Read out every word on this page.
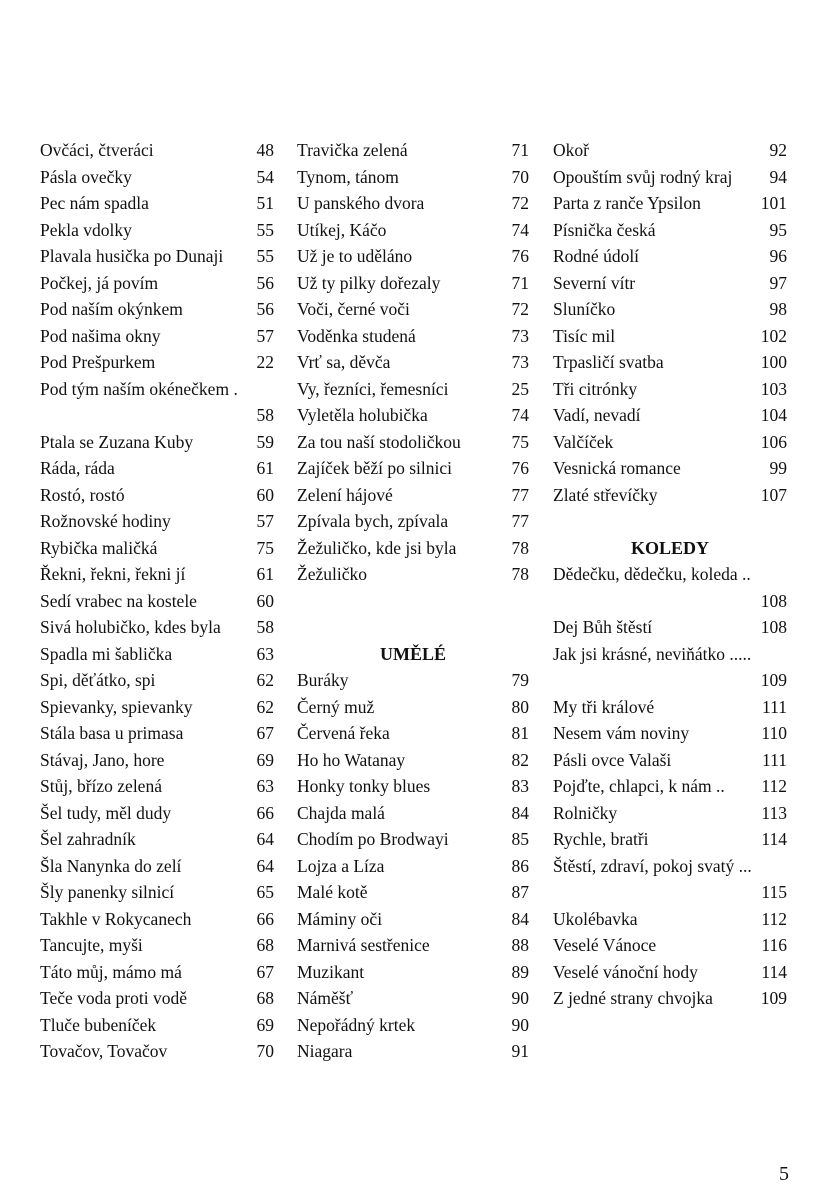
Ovčáci, čtveráci	48
Pásla ovečky	54
Pec nám spadla	51
Pekla vdolky	55
Plavala husička po Dunaji 55
Počkej, já povím	56
Pod naším okýnkem	56
Pod našima okny	57
Pod Prešpurkem	22
Pod tým naším okénečkem .
58
Ptala se Zuzana Kuby	59
Ráda, ráda	61
Rostó, rostó	60
Rožnovské hodiny	57
Rybička maličká	75
Řekni, řekni, řekni jí	61
Sedí vrabec na kostele	60
Sivá holubičko, kdes byla 58
Spadla mi šablička	63
Spi, děťátko, spi	62
Spievanky, spievanky	62
Stála basa u primasa	67
Stávaj, Jano, hore	69
Stůj, břízo zelená	63
Šel tudy, měl dudy	66
Šel zahradník	64
Šla Nanynka do zelí	64
Šly panenky silnicí	65
Takhle v Rokycanech	66
Tancujte, myši	68
Táto můj, mámo má	67
Teče voda proti vodě	68
Tluče bubeníček	69
Tovačov, Tovačov	70
Travička zelená	71
Tynom, tánom	70
U panského dvora	72
Utíkej, Káčo	74
Už je to uděláno	76
Už ty pilky dořezaly	71
Voči, černé voči	72
Voděnka studená	73
Vrť sa, děvča	73
Vy, řezníci, řemesníci	25
Vyletěla holubička	74
Za tou naší stodoličkou	75
Zajíček běží po silnici	76
Zelení hájové	77
Zpívala bych, zpívala	77
Žežuličko, kde jsi byla	78
Žežuličko	78
UMĚLÉ
Buráky	79
Černý muž	80
Červená řeka	81
Ho ho Watanay	82
Honky tonky blues	83
Chajda malá	84
Chodím po Brodwayi	85
Lojza a Líza	86
Malé kotě	87
Máminy oči	84
Marnivá sestřenice	88
Muzikant	89
Náměšť	90
Nepořádný krtek	90
Niagara	91
Okoř	92
Opouštím svůj rodný kraj 94
Parta z ranče Ypsilon	101
Písnička česká	95
Rodné údolí	96
Severní vítr	97
Sluníčko	98
Tisíc mil	102
Trpasličí svatba	100
Tři citrónky	103
Vadí, nevadí	104
Valčíček	106
Vesnická romance	99
Zlaté střevíčky	107
KOLEDY
Dědečku, dědečku, koleda ..
108
Dej Bůh štěstí	108
Jak jsi krásné, neviňátko .....
109
My tři králové	111
Nesem vám noviny	110
Pásli ovce Valaši	111
Pojďte, chlapci, k nám .. 112
Rolničky	113
Rychle, bratři	114
Štěstí, zdraví, pokoj svatý ...
115
Ukolébavka	112
Veselé Vánoce	116
Veselé vánoční hody	114
Z jedné strany chvojka	109
5
